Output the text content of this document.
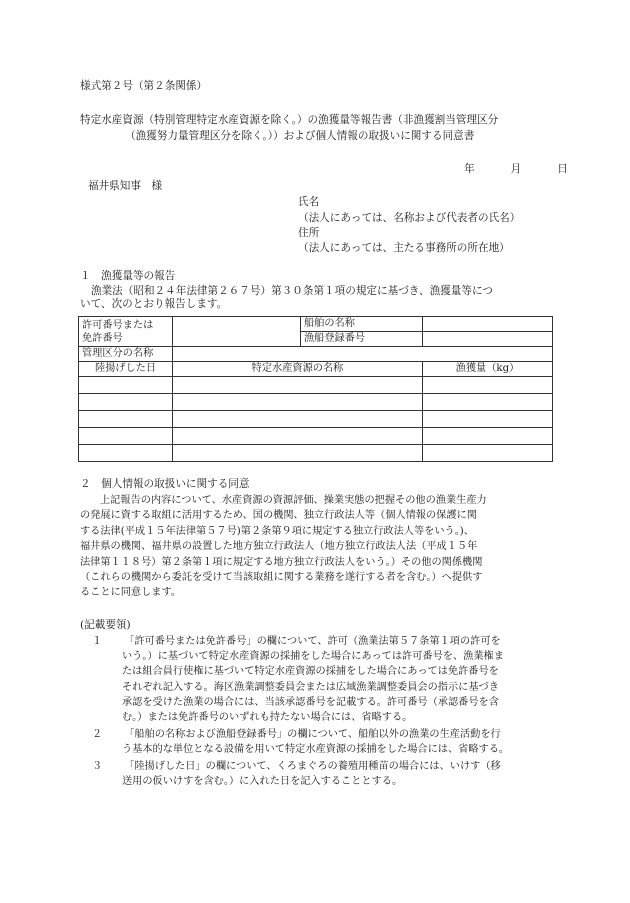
様式第２号（第２条関係）
特定水産資源（特別管理特定水産資源を除く。）の漁獲量等報告書（非漁獲割当管理区分
（漁獲努力量管理区分を除く。））および個人情報の取扱いに関する同意書
年	月	日
福井県知事　様
氏名
（法人にあっては、名称および代表者の氏名）
住所
（法人にあっては、主たる事務所の所在地）
１　漁獲量等の報告
漁業法（昭和２４年法律第２６７号）第３０条第１項の規定に基づき、漁獲量等につ
いて、次のとおり報告します。
許可番号または
免許番号		船舶の名称	
		漁船登録番号	
管理区分の名称			
陸揚げした日	特定水産資源の名称		漁獲量（kg）

２　個人情報の取扱いに関する同意
上記報告の内容について、水産資源の資源評価、操業実態の把握その他の漁業生産力
の発展に資する取組に活用するため、国の機関、独立行政法人等（個人情報の保護に関
する法律(平成１５年法律第５７号)第２条第９項に規定する独立行政法人等をいう。)、
福井県の機関、福井県の設置した地方独立行政法人（地方独立行政法人法（平成１５年
法律第１１８号）第２条第１項に規定する地方独立行政法人をいう。）その他の関係機関
（これらの機関から委託を受けて当該取組に関する業務を遂行する者を含む。）へ提供す
ることに同意します。
(記載要領)
１ 「許可番号または免許番号」の欄について、許可（漁業法第５７条第１項の許可を
いう。）に基づいて特定水産資源の採捕をした場合にあっては許可番号を、漁業権ま
たは組合員行使権に基づいて特定水産資源の採捕をした場合にあっては免許番号を
それぞれ記入する。海区漁業調整委員会または広域漁業調整委員会の指示に基づき
承認を受けた漁業の場合には、当該承認番号を記載する。許可番号（承認番号を含
む。）または免許番号のいずれも持たない場合には、省略する。
２ 「船舶の名称および漁船登録番号」の欄について、船舶以外の漁業の生産活動を行
う基本的な単位となる設備を用いて特定水産資源の採捕をした場合には、省略する。
３ 「陸揚げした日」の欄について、くろまぐろの養殖用種苗の場合には、いけす（移
送用の仮いけすを含む。）に入れた日を記入することとする。
